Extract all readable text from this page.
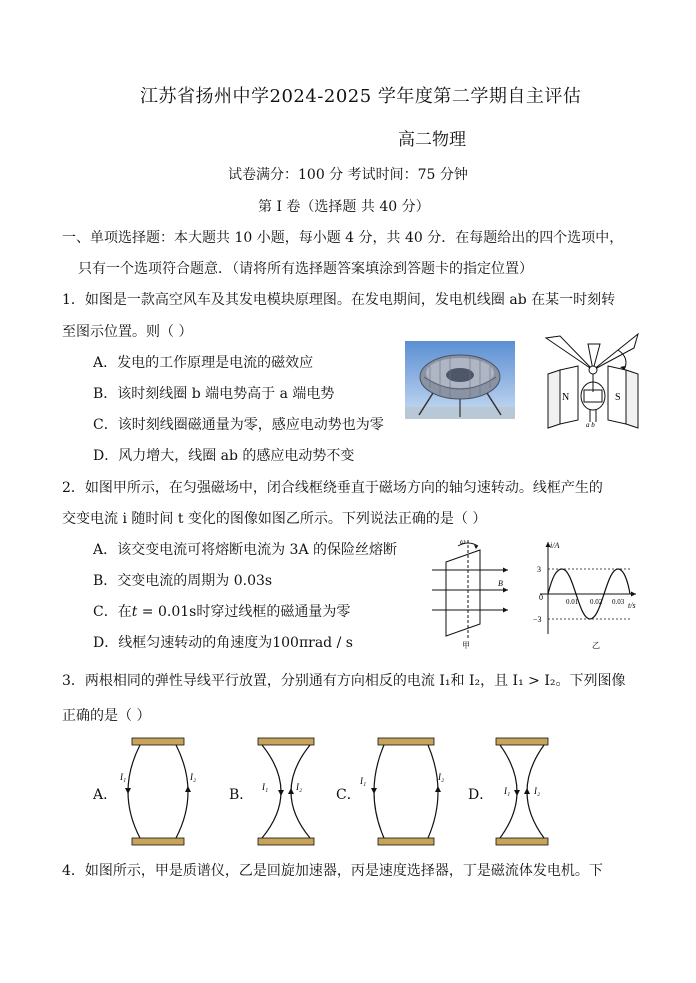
江苏省扬州中学2024-2025 学年度第二学期自主评估
高二物理
试卷满分：100 分 考试时间：75 分钟
第 I 卷（选择题 共 40 分）
一、单项选择题：本大题共 10 小题，每小题 4 分，共 40 分．在每题给出的四个选项中，
只有一个选项符合题意．（请将所有选择题答案填涂到答题卡的指定位置）
1．如图是一款高空风车及其发电模块原理图。在发电期间，发电机线圈 ab 在某一时刻转
至图示位置。则（ ）
A．发电的工作原理是电流的磁效应
B．该时刻线圈 b 端电势高于 a 端电势
C．该时刻线圈磁通量为零，感应电动势也为零
D．风力增大，线圈 ab 的感应电动势不变
N	S
a b
2．如图甲所示，在匀强磁场中，闭合线框绕垂直于磁场方向的轴匀速转动。线框产生的
交变电流 i 随时间 t 变化的图像如图乙所示。下列说法正确的是（ ）
A．该交变电流可将熔断电流为 3A 的保险丝熔断
B．交变电流的周期为 0.03s
C．在t = 0.01s时穿过线框的磁通量为零
D．线框匀速转动的角速度为100πrad / s
ω
B
甲
i/A
t/s
3
−3
0	0.01 0.02 0.03
乙
3．两根相同的弹性导线平行放置，分别通有方向相反的电流 I₁和 I₂，且 I₁ > I₂。下列图像
正确的是（ ）
A．
I₁	I₂
B． I₁	I₂ C．
I₁	I₂
D． I₁	I₂
4．如图所示，甲是质谱仪，乙是回旋加速器，丙是速度选择器，丁是磁流体发电机。下
